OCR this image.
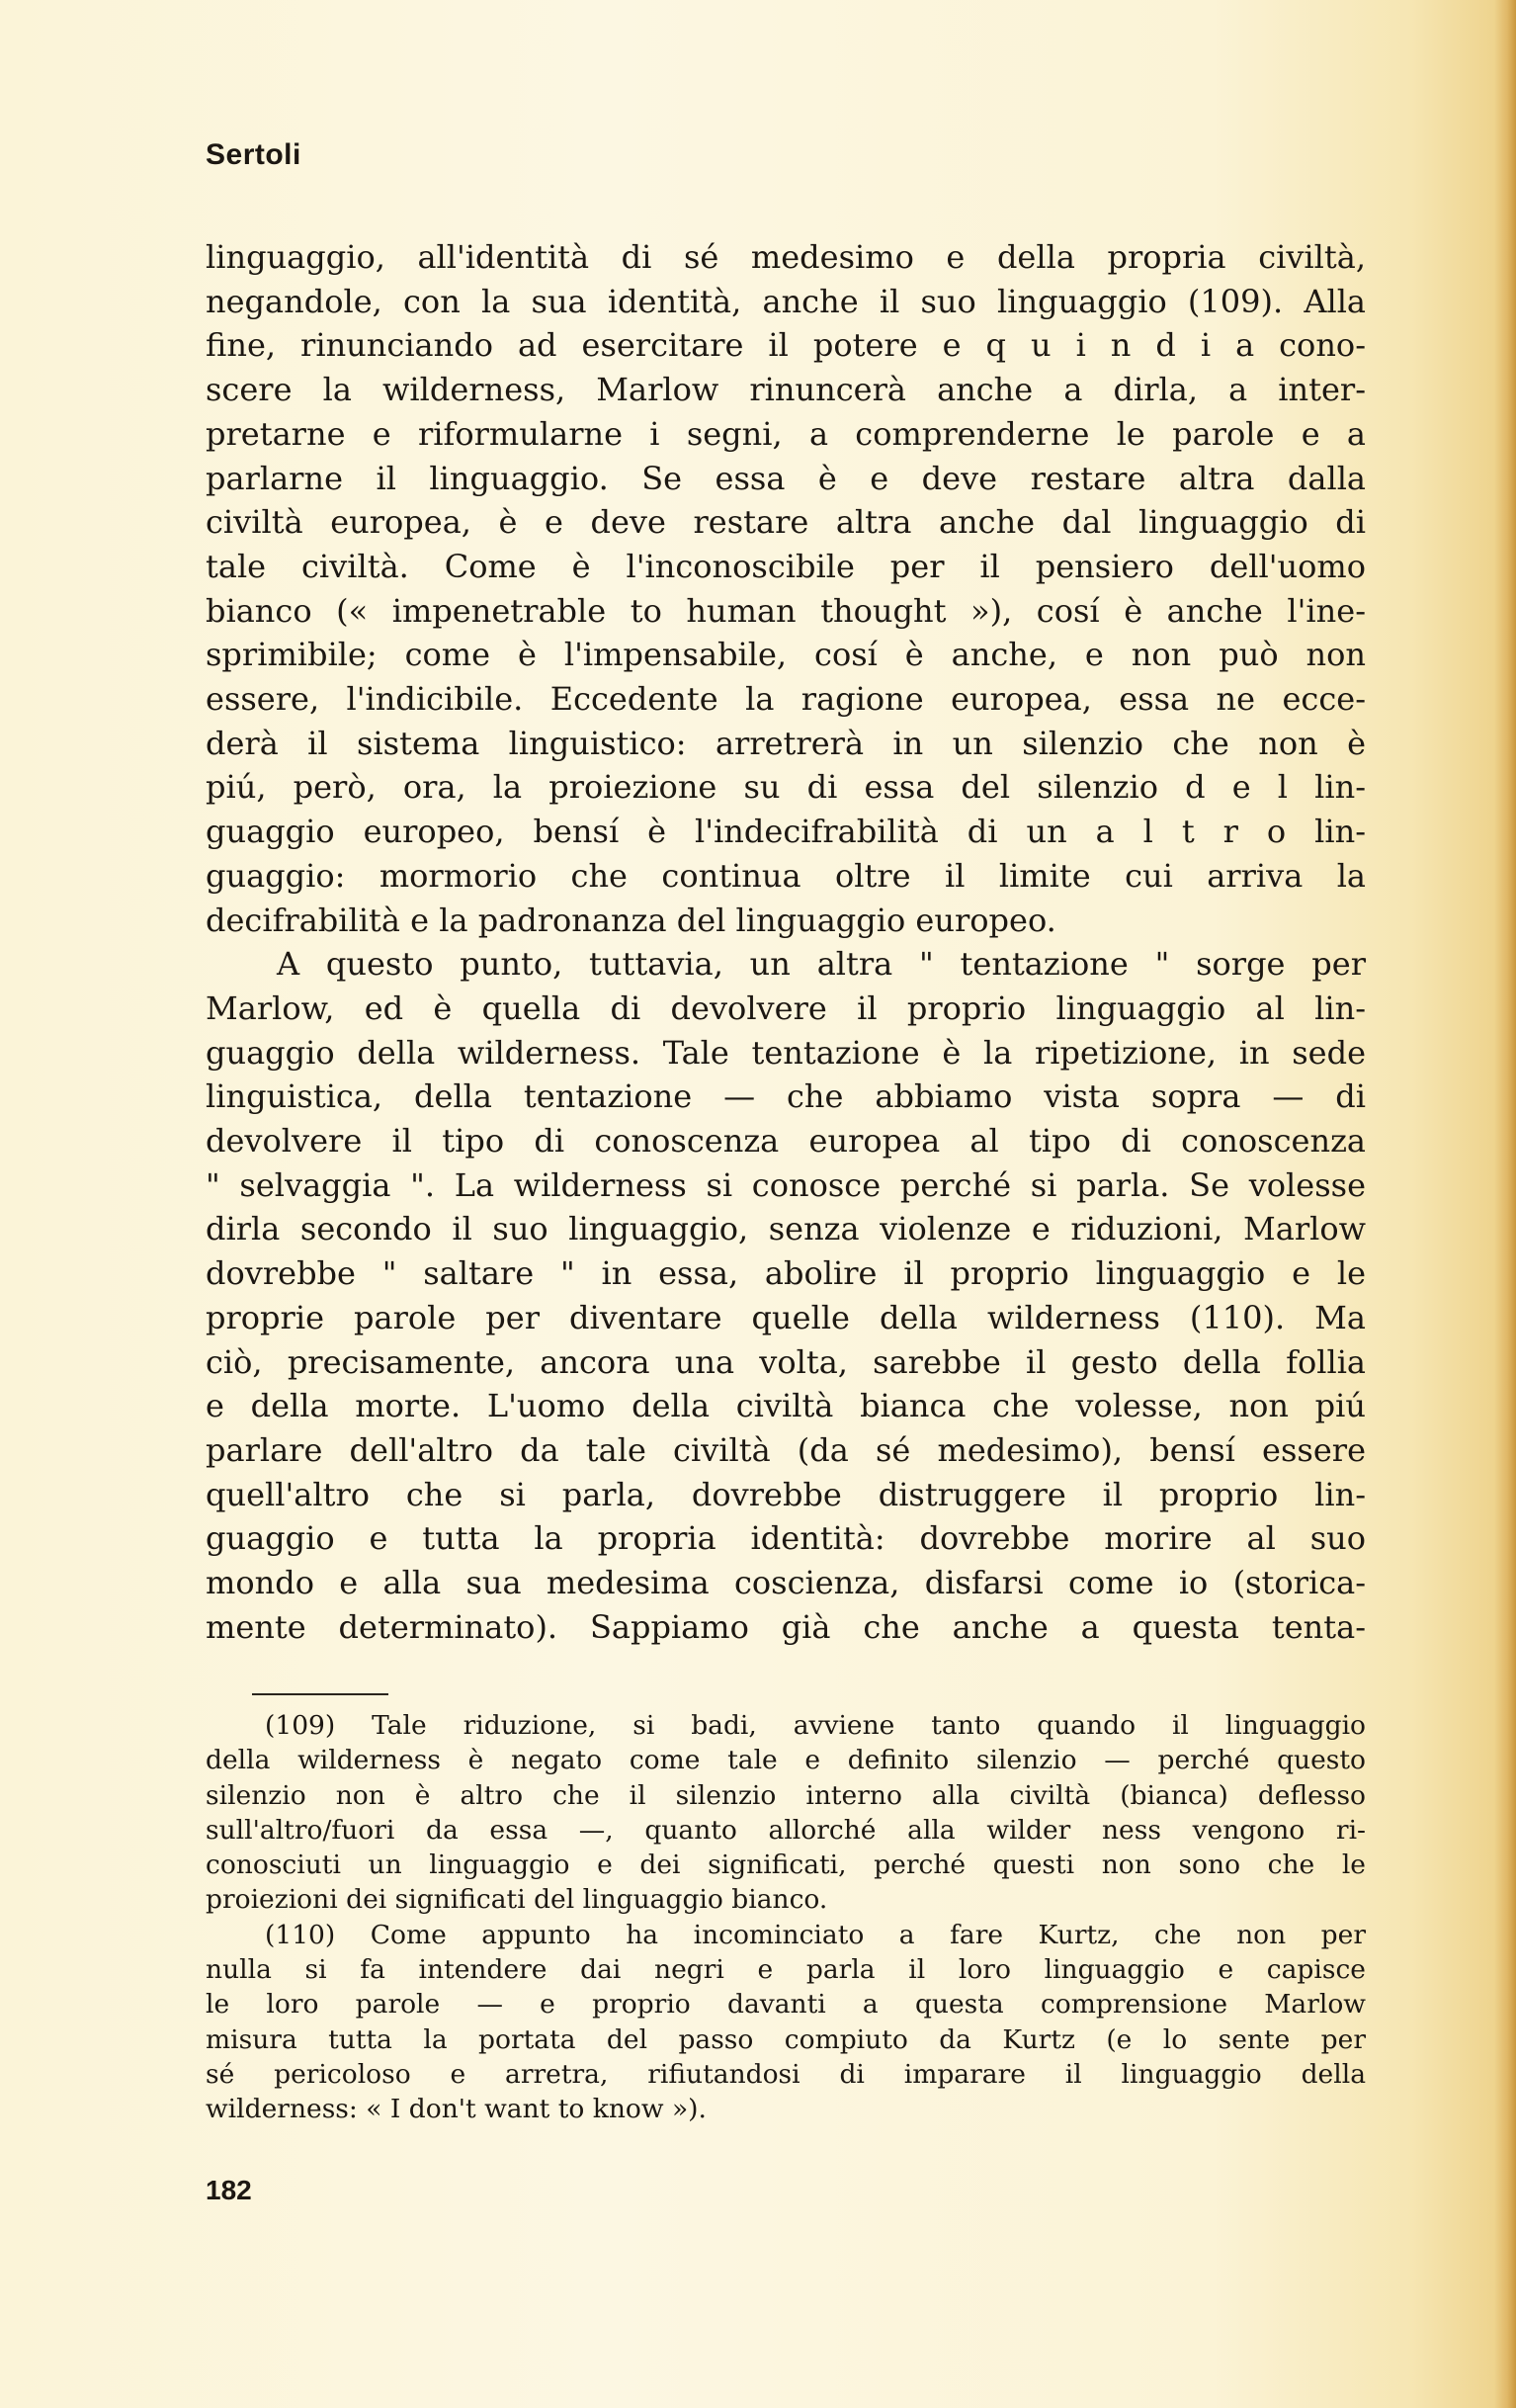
Sertoli

linguaggio, all'identità di sé medesimo e della propria civiltà,

negandole, con la sua identità, anche il suo linguaggio (109). Alla

fine, rinunciando ad esercitare il potere e q u i n d i a cono-

scere la wilderness, Marlow rinuncerà anche a dirla, a inter-

pretarne e riformularne i segni, a comprenderne le parole e a

parlarne il linguaggio. Se essa è e deve restare altra dalla

civiltà europea, è e deve restare altra anche dal linguaggio di

tale civiltà. Come è l'inconoscibile per il pensiero dell'uomo

bianco (« impenetrable to human thought »), cosí è anche l'ine-

sprimibile; come è l'impensabile, cosí è anche, e non può non

essere, l'indicibile. Eccedente la ragione europea, essa ne ecce-

derà il sistema linguistico: arretrerà in un silenzio che non è

piú, però, ora, la proiezione su di essa del silenzio d e l lin-

guaggio europeo, bensí è l'indecifrabilità di un a l t r o lin-

guaggio: mormorio che continua oltre il limite cui arriva la

decifrabilità e la padronanza del linguaggio europeo.

A questo punto, tuttavia, un altra " tentazione " sorge per

Marlow, ed è quella di devolvere il proprio linguaggio al lin-

guaggio della wilderness. Tale tentazione è la ripetizione, in sede

linguistica, della tentazione — che abbiamo vista sopra — di

devolvere il tipo di conoscenza europea al tipo di conoscenza

" selvaggia ". La wilderness si conosce perché si parla. Se volesse

dirla secondo il suo linguaggio, senza violenze e riduzioni, Marlow

dovrebbe " saltare " in essa, abolire il proprio linguaggio e le

proprie parole per diventare quelle della wilderness (110). Ma

ciò, precisamente, ancora una volta, sarebbe il gesto della follia

e della morte. L'uomo della civiltà bianca che volesse, non piú

parlare dell'altro da tale civiltà (da sé medesimo), bensí essere

quell'altro che si parla, dovrebbe distruggere il proprio lin-

guaggio e tutta la propria identità: dovrebbe morire al suo

mondo e alla sua medesima coscienza, disfarsi come io (storica-

mente determinato). Sappiamo già che anche a questa tenta-

(109) Tale riduzione, si badi, avviene tanto quando il linguaggio

della wilderness è negato come tale e definito silenzio — perché questo

silenzio non è altro che il silenzio interno alla civiltà (bianca) deflesso

sull'altro/fuori da essa —, quanto allorché alla wilder ness vengono ri-

conosciuti un linguaggio e dei significati, perché questi non sono che le

proiezioni dei significati del linguaggio bianco.

(110) Come appunto ha incominciato a fare Kurtz, che non per

nulla si fa intendere dai negri e parla il loro linguaggio e capisce

le loro parole — e proprio davanti a questa comprensione Marlow

misura tutta la portata del passo compiuto da Kurtz (e lo sente per

sé pericoloso e arretra, rifiutandosi di imparare il linguaggio della

wilderness: « I don't want to know »).

182
